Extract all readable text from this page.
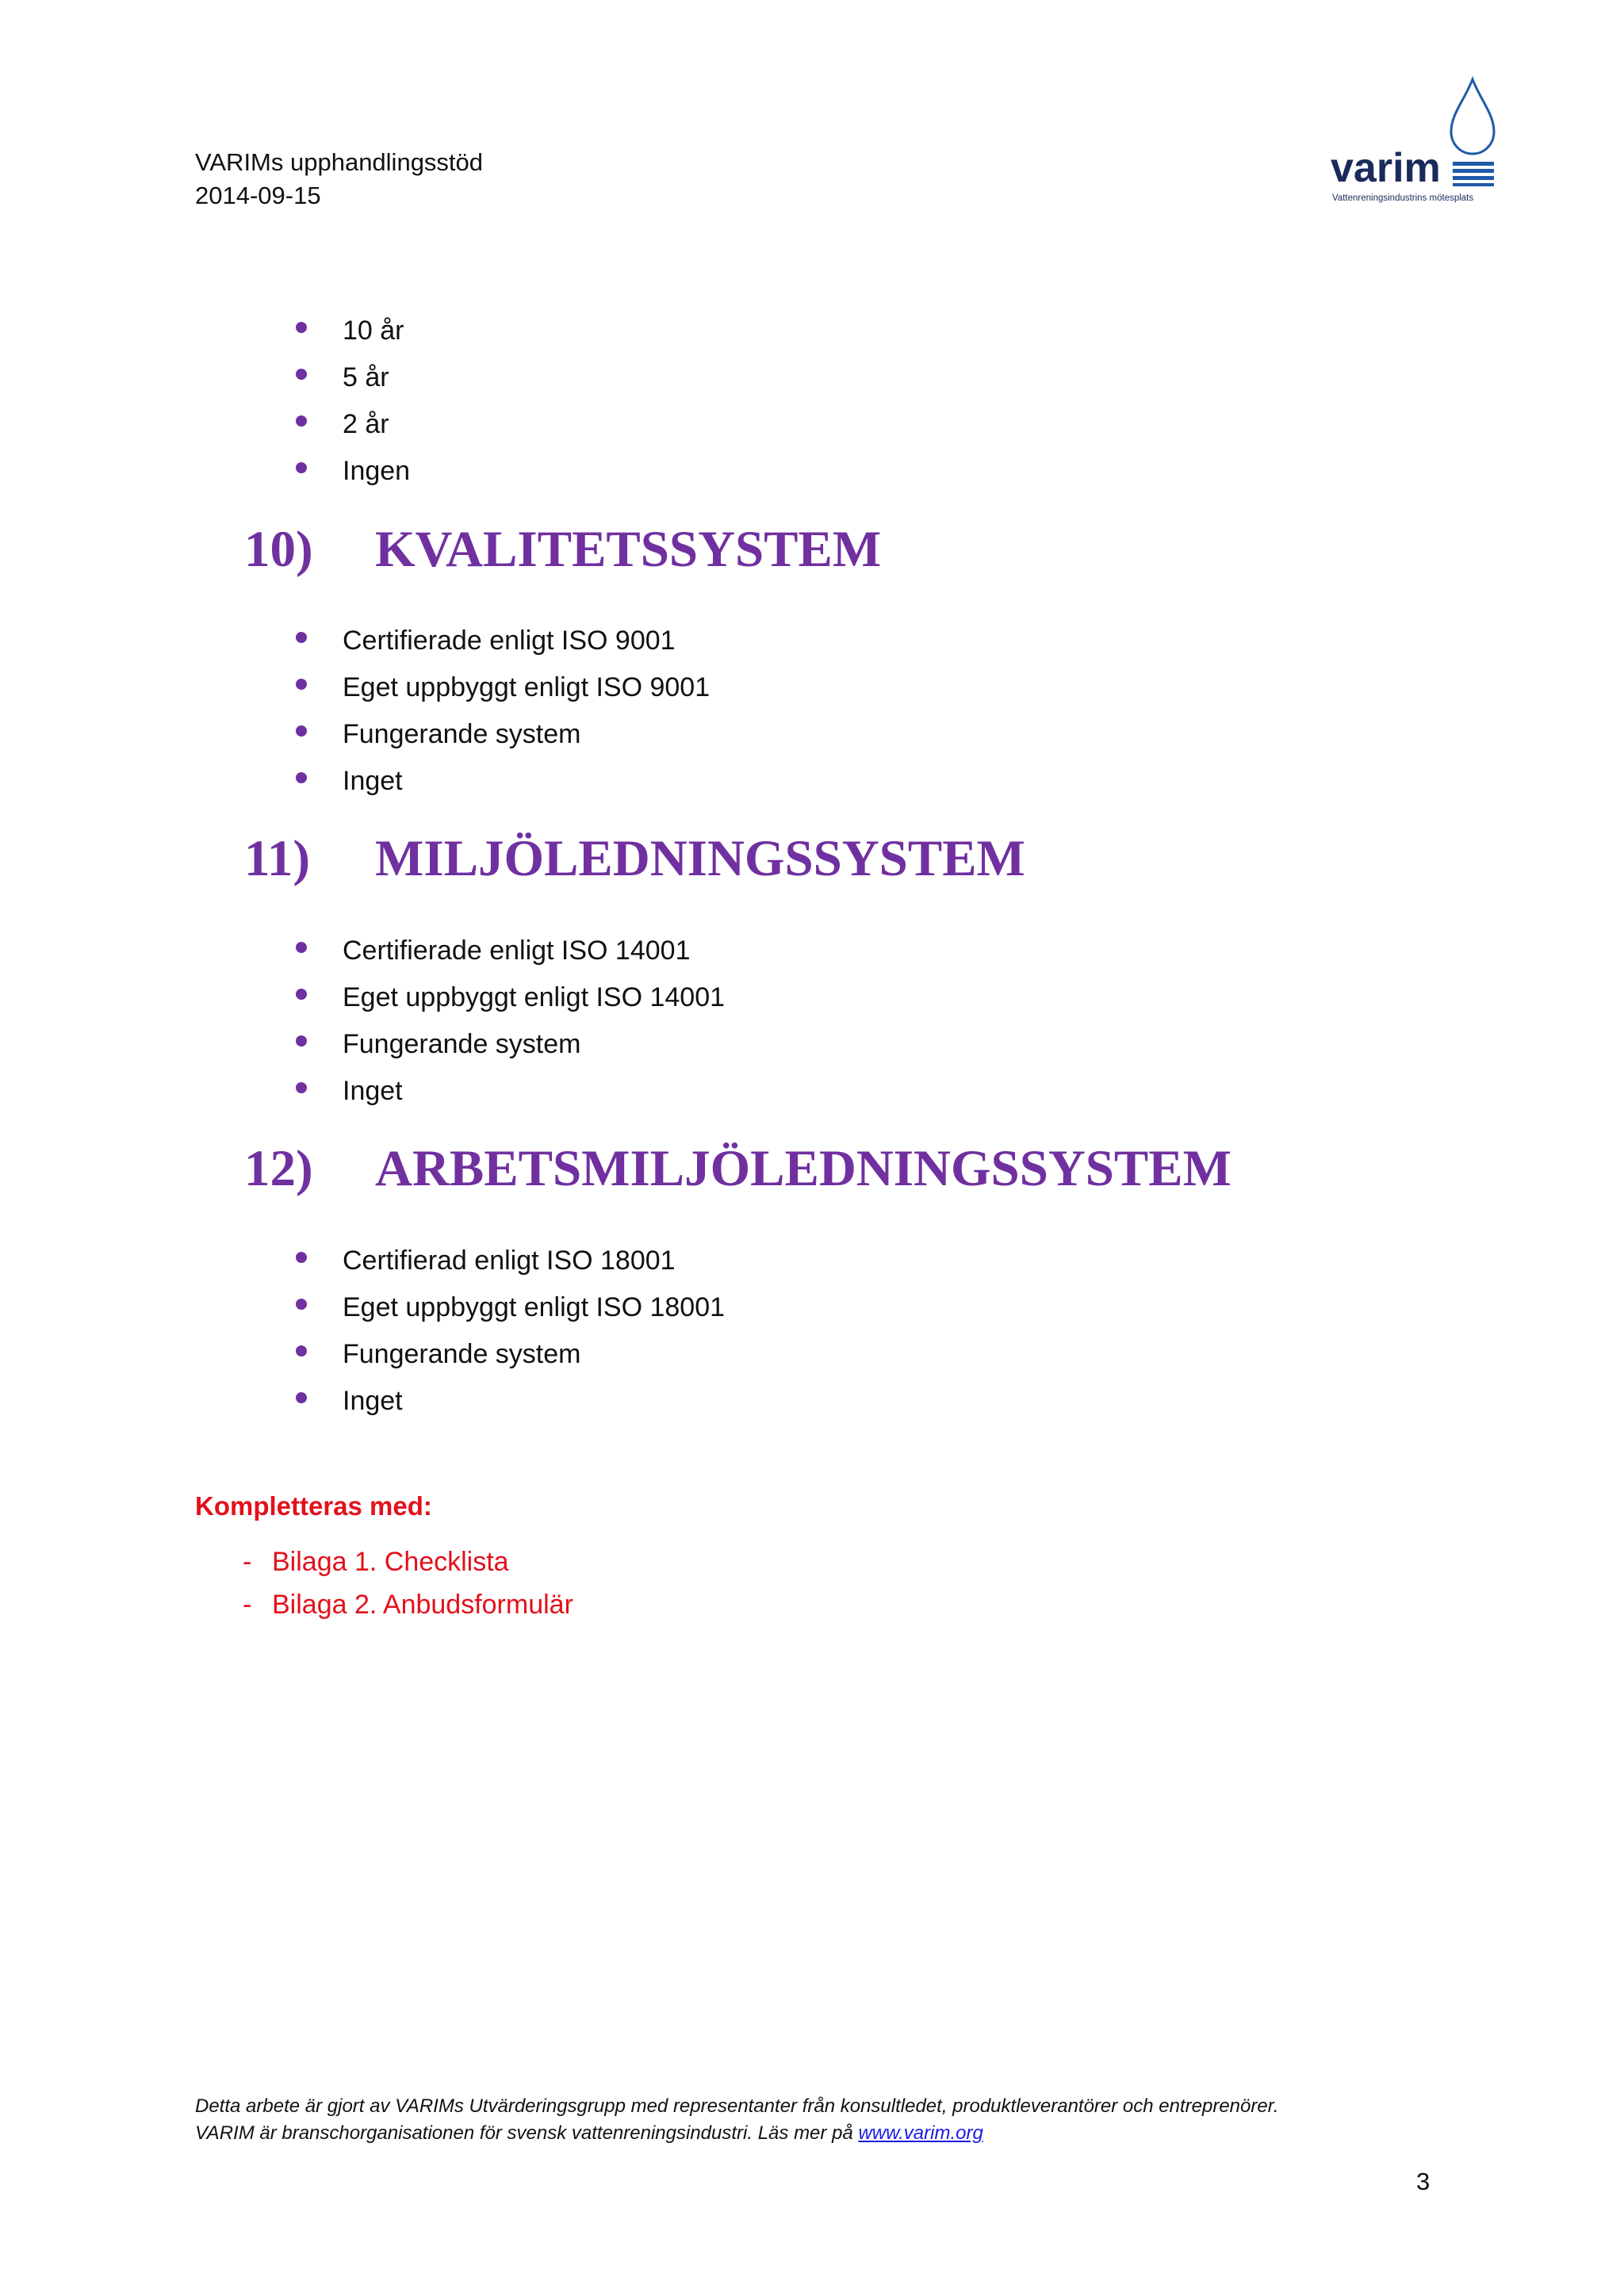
VARIMs upphandlingsstöd
2014-09-15
varim
Vattenreningsindustrins mötesplats
10 år
5 år
2 år
Ingen
10) KVALITETSSYSTEM
Certifierade enligt ISO 9001
Eget uppbyggt enligt ISO 9001
Fungerande system
Inget
11) MILJÖLEDNINGSSYSTEM
Certifierade enligt ISO 14001
Eget uppbyggt enligt ISO 14001
Fungerande system
Inget
12) ARBETSMILJÖLEDNINGSSYSTEM
Certifierad enligt ISO 18001
Eget uppbyggt enligt ISO 18001
Fungerande system
Inget
Kompletteras med:
- Bilaga 1. Checklista
- Bilaga 2. Anbudsformulär
Detta arbete är gjort av VARIMs Utvärderingsgrupp med representanter från konsultledet, produktleverantörer och entreprenörer.
VARIM är branschorganisationen för svensk vattenreningsindustri. Läs mer på www.varim.org
3
